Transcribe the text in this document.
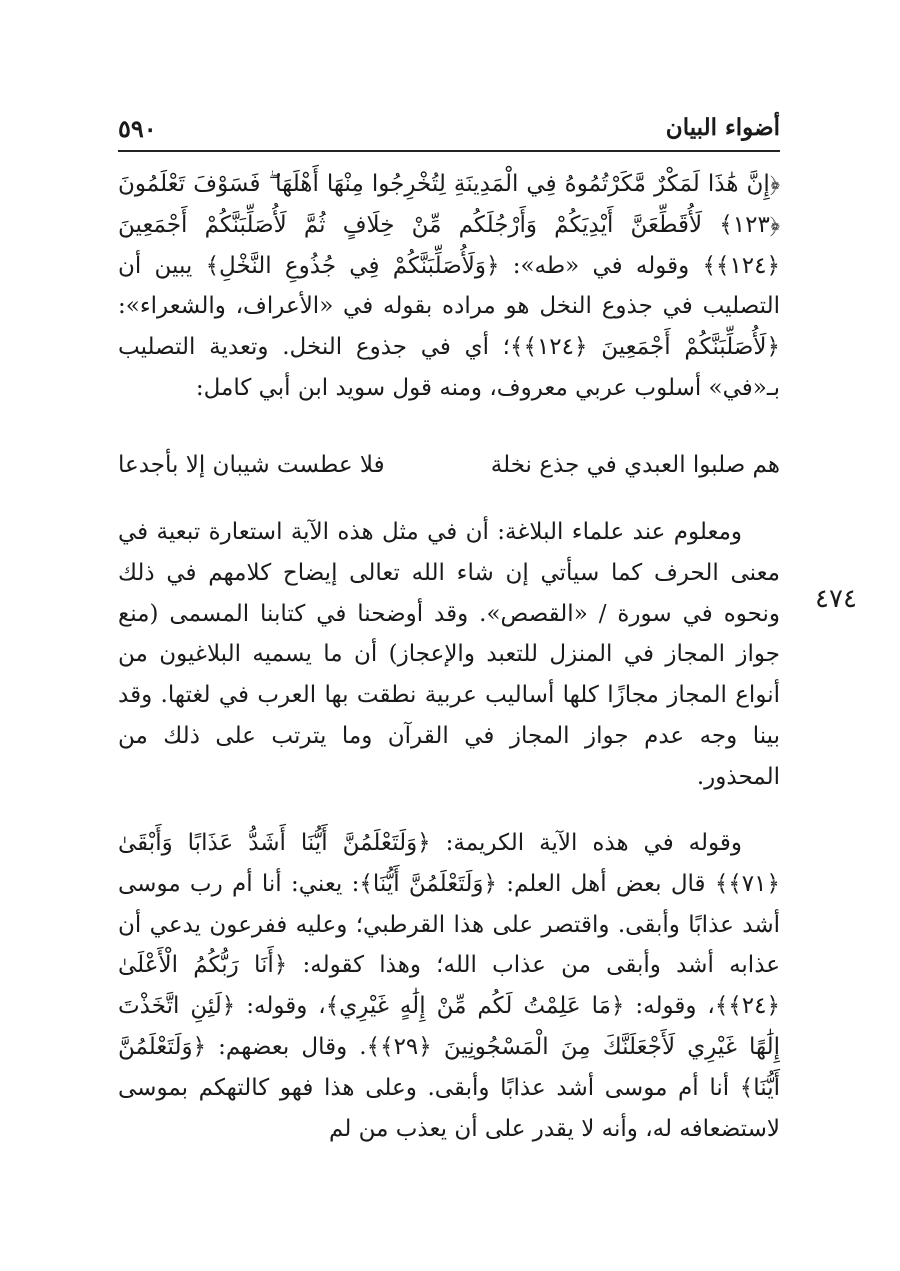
أضواء البيان
٥٩٠
٤٧٤

﴿إِنَّ هَٰذَا لَمَكْرٌ مَّكَرْتُمُوهُ فِي الْمَدِينَةِ لِتُخْرِجُوا مِنْهَا أَهْلَهَا ۖ فَسَوْفَ تَعْلَمُونَ ﴿١٢٣﴾ لَأُقَطِّعَنَّ أَيْدِيَكُمْ وَأَرْجُلَكُم مِّنْ خِلَافٍ ثُمَّ لَأُصَلِّبَنَّكُمْ أَجْمَعِينَ ﴿١٢٤﴾﴾ وقوله في «طه»: ﴿وَلَأُصَلِّبَنَّكُمْ فِي جُذُوعِ النَّخْلِ﴾ يبين أن التصليب في جذوع النخل هو مراده بقوله في «الأعراف، والشعراء»: ﴿لَأُصَلِّبَنَّكُمْ أَجْمَعِينَ ﴿١٢٤﴾﴾؛ أي في جذوع النخل. وتعدية التصليب بـ«في» أسلوب عربي معروف، ومنه قول سويد ابن أبي كامل:

هم صلبوا العبدي في جذع نخلة
فلا عطست شيبان إلا بأجدعا

ومعلوم عند علماء البلاغة: أن في مثل هذه الآية استعارة تبعية في معنى الحرف كما سيأتي إن شاء الله تعالى إيضاح كلامهم في ذلك ونحوه في سورة / «القصص». وقد أوضحنا في كتابنا المسمى (منع جواز المجاز في المنزل للتعبد والإعجاز) أن ما يسميه البلاغيون من أنواع المجاز مجازًا كلها أساليب عربية نطقت بها العرب في لغتها. وقد بينا وجه عدم جواز المجاز في القرآن وما يترتب على ذلك من المحذور.

وقوله في هذه الآية الكريمة: ﴿وَلَتَعْلَمُنَّ أَيُّنَا أَشَدُّ عَذَابًا وَأَبْقَىٰ ﴿٧١﴾﴾ قال بعض أهل العلم: ﴿وَلَتَعْلَمُنَّ أَيُّنَا﴾: يعني: أنا أم رب موسى أشد عذابًا وأبقى. واقتصر على هذا القرطبي؛ وعليه ففرعون يدعي أن عذابه أشد وأبقى من عذاب الله؛ وهذا كقوله: ﴿أَنَا رَبُّكُمُ الْأَعْلَىٰ ﴿٢٤﴾﴾، وقوله: ﴿مَا عَلِمْتُ لَكُم مِّنْ إِلَٰهٍ غَيْرِي﴾، وقوله: ﴿لَئِنِ اتَّخَذْتَ إِلَٰهًا غَيْرِي لَأَجْعَلَنَّكَ مِنَ الْمَسْجُونِينَ ﴿٢٩﴾﴾. وقال بعضهم: ﴿وَلَتَعْلَمُنَّ أَيُّنَا﴾ أنا أم موسى أشد عذابًا وأبقى. وعلى هذا فهو كالتهكم بموسى لاستضعافه له، وأنه لا يقدر على أن يعذب من لم
